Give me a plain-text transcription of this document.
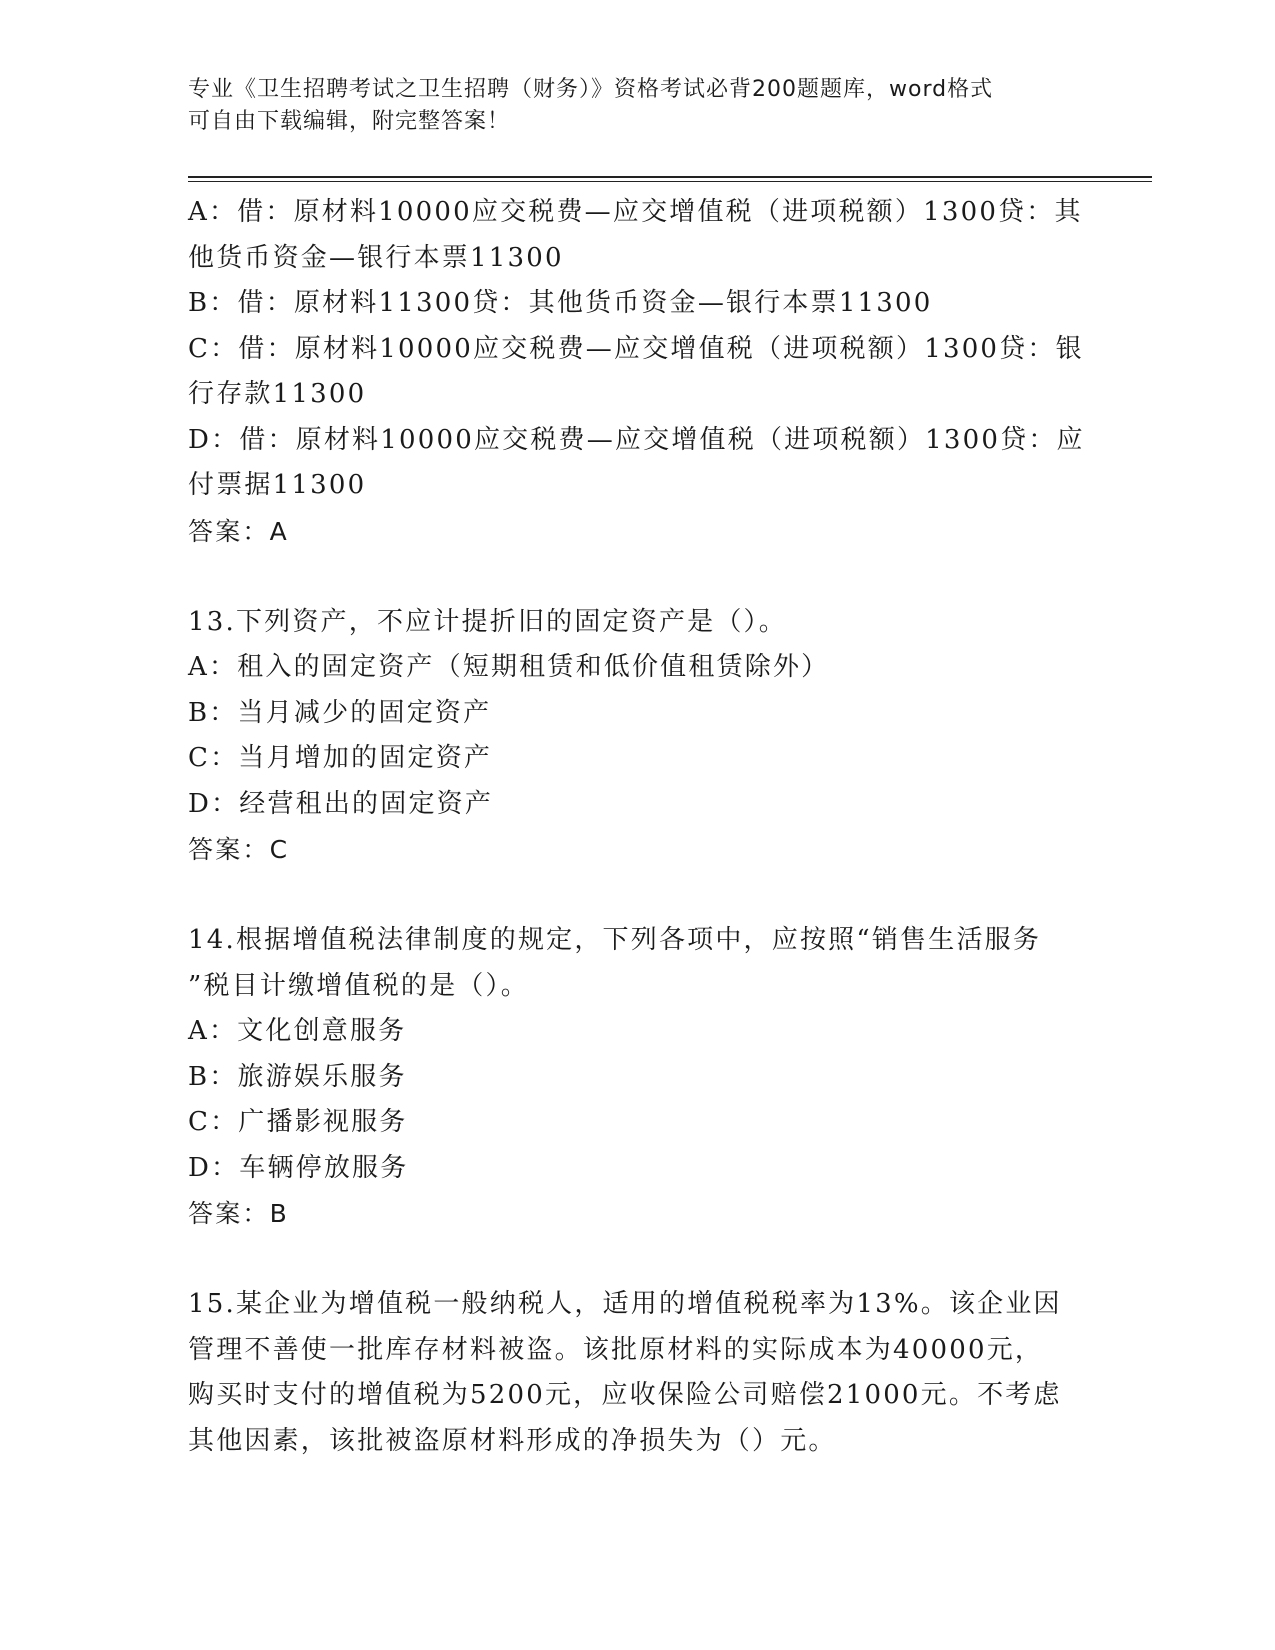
专业《卫生招聘考试之卫生招聘（财务）》资格考试必背200题题库，word格式
可自由下载编辑，附完整答案！
A：借：原材料10000应交税费—应交增值税（进项税额）1300贷：其
他货币资金—银行本票11300
B：借：原材料11300贷：其他货币资金—银行本票11300
C：借：原材料10000应交税费—应交增值税（进项税额）1300贷：银
行存款11300
D：借：原材料10000应交税费—应交增值税（进项税额）1300贷：应
付票据11300
答案：A
13.下列资产，不应计提折旧的固定资产是（）。
A：租入的固定资产（短期租赁和低价值租赁除外）
B：当月减少的固定资产
C：当月增加的固定资产
D：经营租出的固定资产
答案：C
14.根据增值税法律制度的规定，下列各项中，应按照“销售生活服务
”税目计缴增值税的是（）。
A：文化创意服务
B：旅游娱乐服务
C：广播影视服务
D：车辆停放服务
答案：B
15.某企业为增值税一般纳税人，适用的增值税税率为13%。该企业因
管理不善使一批库存材料被盗。该批原材料的实际成本为40000元，
购买时支付的增值税为5200元，应收保险公司赔偿21000元。不考虑
其他因素，该批被盗原材料形成的净损失为（）元。
